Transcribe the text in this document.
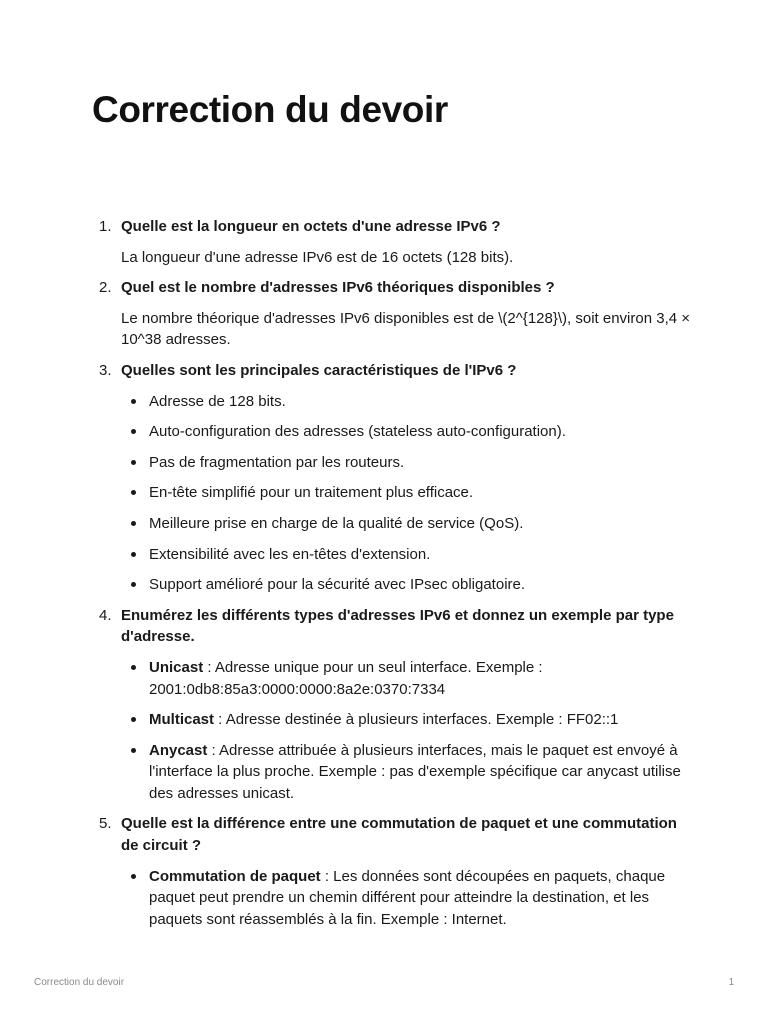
Correction du devoir
1. Quelle est la longueur en octets d'une adresse IPv6 ?
La longueur d'une adresse IPv6 est de 16 octets (128 bits).
2. Quel est le nombre d'adresses IPv6 théoriques disponibles ?
Le nombre théorique d'adresses IPv6 disponibles est de \(2^{128}\), soit environ 3,4 × 10^38 adresses.
3. Quelles sont les principales caractéristiques de l'IPv6 ?
Adresse de 128 bits.
Auto-configuration des adresses (stateless auto-configuration).
Pas de fragmentation par les routeurs.
En-tête simplifié pour un traitement plus efficace.
Meilleure prise en charge de la qualité de service (QoS).
Extensibilité avec les en-têtes d'extension.
Support amélioré pour la sécurité avec IPsec obligatoire.
4. Enumérez les différents types d'adresses IPv6 et donnez un exemple par type d'adresse.
Unicast : Adresse unique pour un seul interface. Exemple : 2001:0db8:85a3:0000:0000:8a2e:0370:7334
Multicast : Adresse destinée à plusieurs interfaces. Exemple : FF02::1
Anycast : Adresse attribuée à plusieurs interfaces, mais le paquet est envoyé à l'interface la plus proche. Exemple : pas d'exemple spécifique car anycast utilise des adresses unicast.
5. Quelle est la différence entre une commutation de paquet et une commutation de circuit ?
Commutation de paquet : Les données sont découpées en paquets, chaque paquet peut prendre un chemin différent pour atteindre la destination, et les paquets sont réassemblés à la fin. Exemple : Internet.
Correction du devoir	1
